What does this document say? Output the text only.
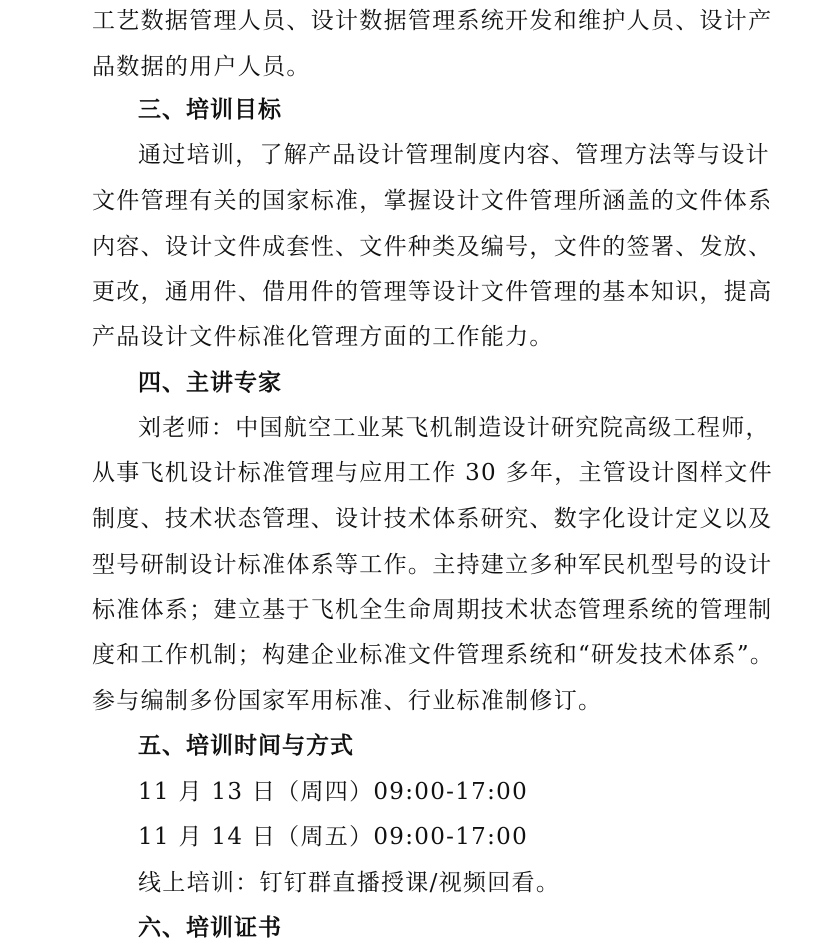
工艺数据管理人员、设计数据管理系统开发和维护人员、设计产
品数据的用户人员。
三、培训目标
通过培训，了解产品设计管理制度内容、管理方法等与设计
文件管理有关的国家标准，掌握设计文件管理所涵盖的文件体系
内容、设计文件成套性、文件种类及编号，文件的签署、发放、
更改，通用件、借用件的管理等设计文件管理的基本知识，提高
产品设计文件标准化管理方面的工作能力。
四、主讲专家
刘老师：中国航空工业某飞机制造设计研究院高级工程师，
从事飞机设计标准管理与应用工作 30 多年，主管设计图样文件
制度、技术状态管理、设计技术体系研究、数字化设计定义以及
型号研制设计标准体系等工作。主持建立多种军民机型号的设计
标准体系；建立基于飞机全生命周期技术状态管理系统的管理制
度和工作机制；构建企业标准文件管理系统和“研发技术体系”。
参与编制多份国家军用标准、行业标准制修订。
五、培训时间与方式
11 月 13 日（周四）09:00-17:00
11 月 14 日（周五）09:00-17:00
线上培训：钉钉群直播授课/视频回看。
六、培训证书
